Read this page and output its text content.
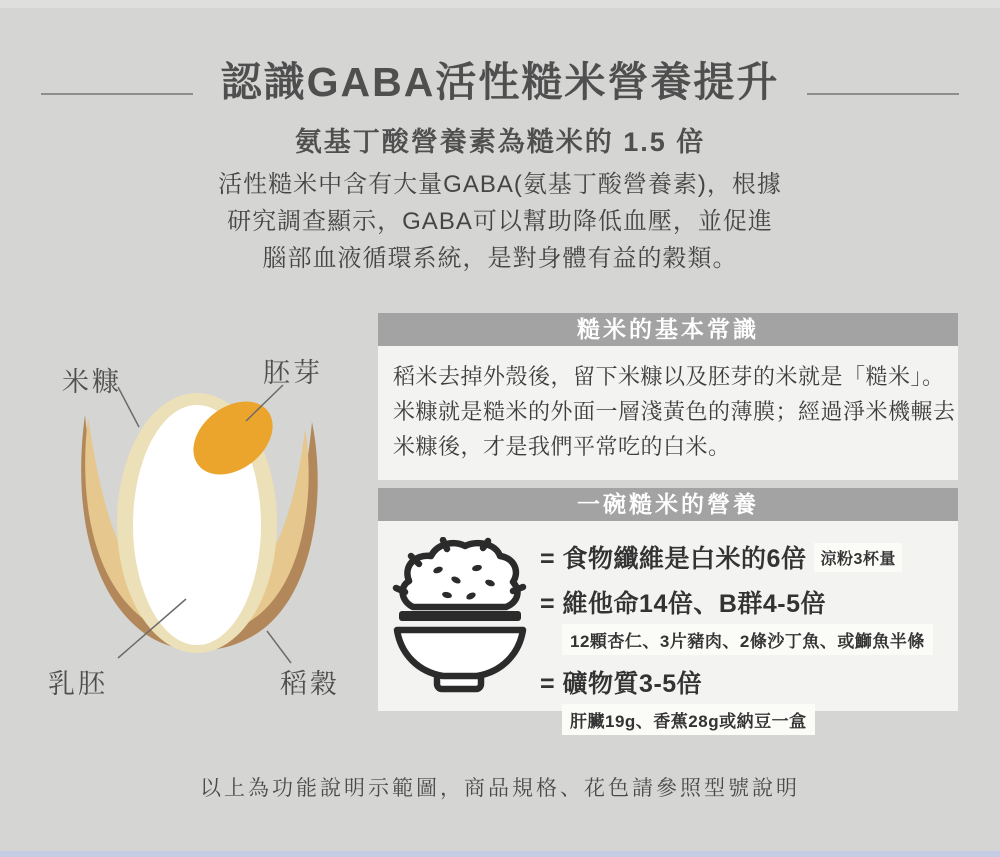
認識GABA活性糙米營養提升
氨基丁酸營養素為糙米的 1.5 倍
活性糙米中含有大量GABA(氨基丁酸營養素)，根據
研究調查顯示，GABA可以幫助降低血壓，並促進
腦部血液循環系統，是對身體有益的穀類。
米糠	胚芽
乳胚	稻穀
糙米的基本常識
稻米去掉外殼後，留下米糠以及胚芽的米就是「糙米」。
米糠就是糙米的外面一層淺黃色的薄膜；經過淨米機輾去
米糠後，才是我們平常吃的白米。
一碗糙米的營養
= 食物纖維是白米的6倍 涼粉3杯量
= 維他命14倍、B群4-5倍
12顆杏仁、3片豬肉、2條沙丁魚、或鰤魚半條
= 礦物質3-5倍
肝臟19g、香蕉28g或納豆一盒
以上為功能說明示範圖，商品規格、花色請參照型號說明
